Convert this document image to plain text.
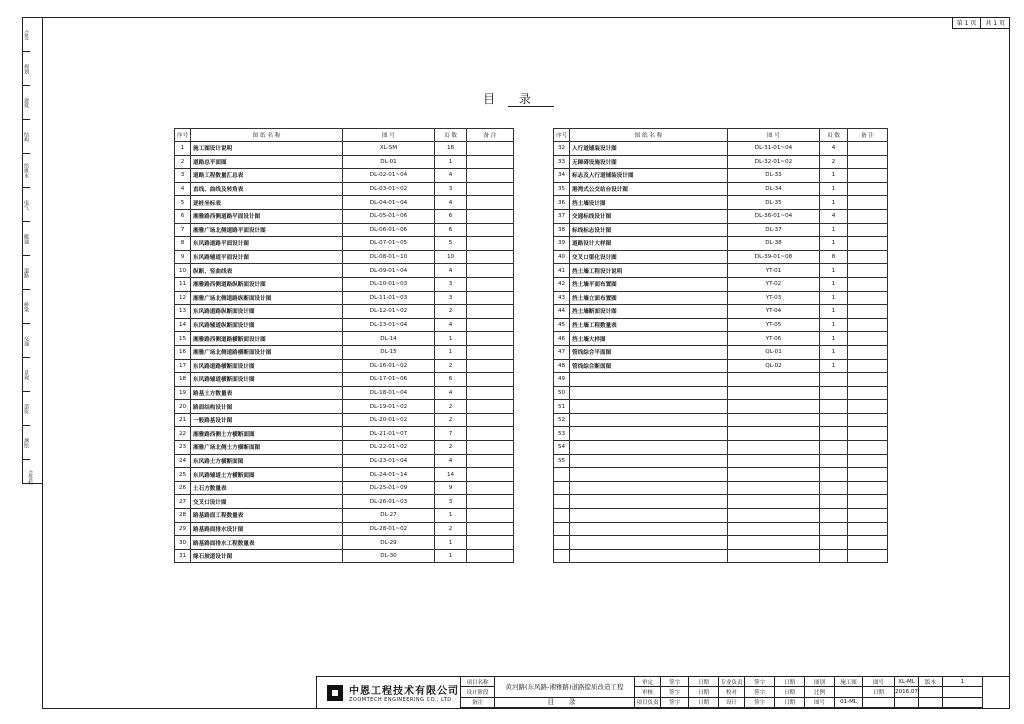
第 1 页	共 1 页
会签
规划
建筑
结构
给排水
电气
暖通
道路
桥梁
交通
景观
造价
测绘
会签栏
目 录
序号	图 纸 名 称	图 号	页 数	备 注
1	施工图设计说明	XL-SM	18	
2	道路总平面图	DL-01	1	
3	道路工程数量汇总表	DL-02-01~04	4	
4	直线、曲线及转角表	DL-03-01~02	3	
5	逐桩坐标表	DL-04-01~04	4	
6	湘雅路西侧道路平面设计图	DL-05-01~06	6	
7	湘雅广场北侧道路平面设计图	DL-06-01~06	6	
8	东风路道路平面设计图	DL-07-01~05	5	
9	东风路辅道平面设计图	DL-08-01~10	10	
10	纵断、竖曲线表	DL-09-01~04	4	
11	湘雅路西侧道路纵断面设计图	DL-10-01~03	3	
12	湘雅广场北侧道路纵断面设计图	DL-11-01~03	3	
13	东风路道路纵断面设计图	DL-12-01~02	2	
14	东风路辅道纵断面设计图	DL-13-01~04	4	
15	湘雅路西侧道路横断面设计图	DL-14	1	
16	湘雅广场北侧道路横断面设计图	DL-15	1	
17	东风路道路横断面设计图	DL-16-01~02	2	
18	东风路辅道横断面设计图	DL-17-01~06	6	
19	路基土方数量表	DL-18-01~04	4	
20	路面结构设计图	DL-19-01~02	2	
21	一般路基设计图	DL-20-01~02	2	
22	湘雅路西侧土方横断面图	DL-21-01~07	7	
23	湘雅广场北侧土方横断面图	DL-22-01~02	2	
24	东风路土方横断面图	DL-23-01~04	4	
25	东风路辅道土方横断面图	DL-24-01~14	14	
26	土石方数量表	DL-25-01~09	9	
27	交叉口设计图	DL-26-01~03	3	
28	路基路面工程数量表	DL-27	1	
29	路基路面排水设计图	DL-28-01~02	2	
30	路基路面排水工程数量表	DL-29	1	
31	缘石坡道设计图	DL-30	1	
序号	图 纸 名 称	图 号	页 数	备 注
32	人行道铺装设计图	DL-31-01~04	4	
33	无障碍设施设计图	DL-32-01~02	2	
34	标志及人行道铺装设计图	DL-33	1	
35	港湾式公交站台设计图	DL-34	1	
36	挡土墙设计图	DL-35	1	
37	交通标线设计图	DL-36-01~04	4	
38	标线标志设计图	DL-37	1	
39	道路设计大样图	DL-38	1	
40	交叉口渠化设计图	DL-39-01~08	8	
41	挡土墙工程设计说明	YT-01	1	
42	挡土墙平面布置图	YT-02	1	
43	挡土墙立面布置图	YT-03	1	
44	挡土墙断面设计图	YT-04	1	
45	挡土墙工程数量表	YT-05	1	
46	挡土墙大样图	YT-06	1	
47	管线综合平面图	QL-01	1	
48	管线综合断面图	QL-02	1	
49				
50				
51				
52				
53				
54				
55				

中恩工程技术有限公司
ZOOMTECH ENGINEERING CO., LTD.
项目名称
黄河路(东风路-湘雅路)道路提质改造工程
审定	签字	日期	专业负责	签字	日期	图别	施工图	图号	XL-ML	版本	1
设计阶段	审核	签字	日期	校对	签字	日期	比例	日期	2016.07
备注	目 录	项目负责	签字	日期	设计	签字	日期	图号	01-ML
